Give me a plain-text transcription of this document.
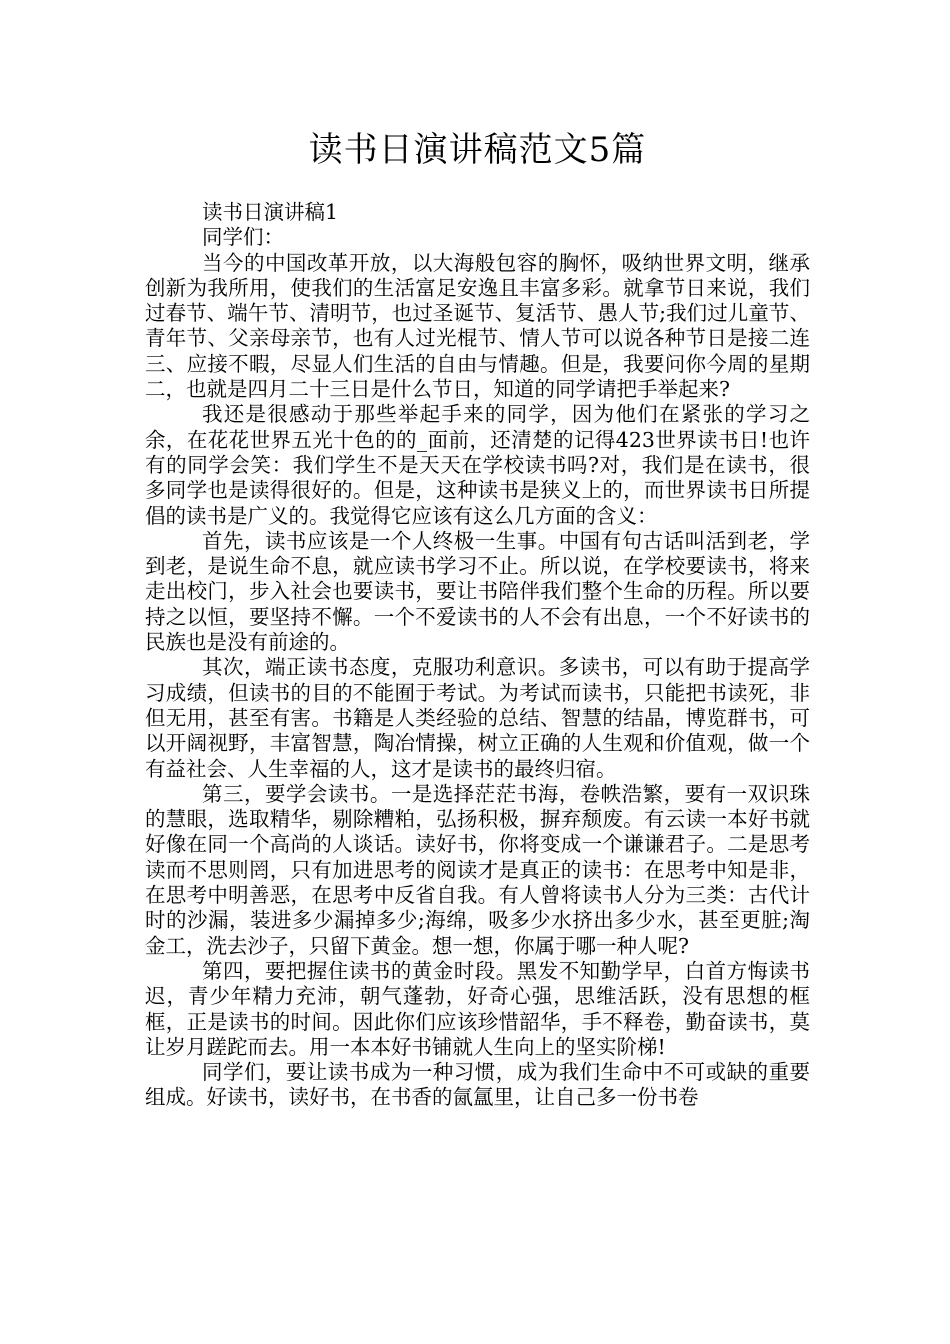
读书日演讲稿范文5篇

读书日演讲稿1

同学们：

当今的中国改革开放，以大海般包容的胸怀，吸纳世界文明，继承创新为我所用，使我们的生活富足安逸且丰富多彩。就拿节日来说，我们过春节、端午节、清明节，也过圣诞节、复活节、愚人节;我们过儿童节、青年节、父亲母亲节，也有人过光棍节、情人节可以说各种节日是接二连三、应接不暇，尽显人们生活的自由与情趣。但是，我要问你今周的星期二，也就是四月二十三日是什么节日，知道的同学请把手举起来?

我还是很感动于那些举起手来的同学，因为他们在紧张的学习之余，在花花世界五光十色的的_面前，还清楚的记得423世界读书日!也许有的同学会笑：我们学生不是天天在学校读书吗?对，我们是在读书，很多同学也是读得很好的。但是，这种读书是狭义上的，而世界读书日所提倡的读书是广义的。我觉得它应该有这么几方面的含义：

首先，读书应该是一个人终极一生事。中国有句古话叫活到老，学到老，是说生命不息，就应读书学习不止。所以说，在学校要读书，将来走出校门，步入社会也要读书，要让书陪伴我们整个生命的历程。所以要持之以恒，要坚持不懈。一个不爱读书的人不会有出息，一个不好读书的民族也是没有前途的。

其次，端正读书态度，克服功利意识。多读书，可以有助于提高学习成绩，但读书的目的不能囿于考试。为考试而读书，只能把书读死，非但无用，甚至有害。书籍是人类经验的总结、智慧的结晶，博览群书，可以开阔视野，丰富智慧，陶冶情操，树立正确的人生观和价值观，做一个有益社会、人生幸福的人，这才是读书的最终归宿。

第三，要学会读书。一是选择茫茫书海，卷帙浩繁，要有一双识珠的慧眼，选取精华，剔除糟粕，弘扬积极，摒弃颓废。有云读一本好书就好像在同一个高尚的人谈话。读好书，你将变成一个谦谦君子。二是思考读而不思则罔，只有加进思考的阅读才是真正的读书：在思考中知是非，在思考中明善恶，在思考中反省自我。有人曾将读书人分为三类：古代计时的沙漏，装进多少漏掉多少;海绵，吸多少水挤出多少水，甚至更脏;淘金工，洗去沙子，只留下黄金。想一想，你属于哪一种人呢?

第四，要把握住读书的黄金时段。黑发不知勤学早，白首方悔读书迟，青少年精力充沛，朝气蓬勃，好奇心强，思维活跃，没有思想的框框，正是读书的时间。因此你们应该珍惜韶华，手不释卷，勤奋读书，莫让岁月蹉跎而去。用一本本好书铺就人生向上的坚实阶梯!

同学们，要让读书成为一种习惯，成为我们生命中不可或缺的重要组成。好读书，读好书，在书香的氤氲里，让自己多一份书卷
